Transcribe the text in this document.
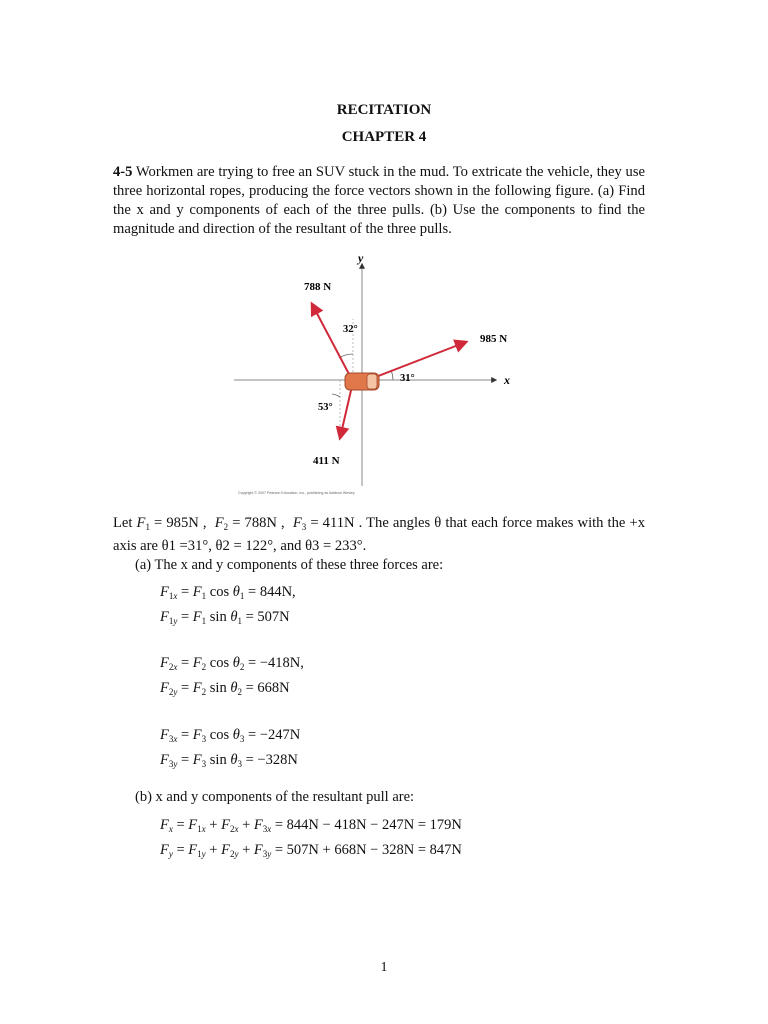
RECITATION
CHAPTER 4
4-5 Workmen are trying to free an SUV stuck in the mud. To extricate the vehicle, they use three horizontal ropes, producing the force vectors shown in the following figure. (a) Find the x and y components of each of the three pulls. (b) Use the components to find the magnitude and direction of the resultant of the three pulls.
y
x
788 N
985 N
411 N
32°
31°
53°
Copyright © 2007 Pearson Education, Inc., publishing as Addison Wesley
Let $F_1 = 985N$ , $F_2 = 788N$ , $F_3 = 411N$ . The angles θ that each force makes with the +x axis are θ1 =31°, θ2 = 122°, and θ3 = 233°.
(a) The x and y components of these three forces are:
$F_{1x} = F_1$ $\cos \theta_1 = 844N$,
$F_{1y} = F_1$ $\sin \theta_1 = 507N$
$F_{2x} = F_2$ $\cos \theta_2 = -418N$,
$F_{2y} = F_2$ $\sin \theta_2 = 668N$
$F_{3x} = F_3$ $\cos \theta_3 = -247N$
$F_{3y} = F_3$ $\sin \theta_3 = -328N$
(b) x and y components of the resultant pull are:
$F_x = F_{1x} + F_{2x} + F_{3x} = 844N - 418N - 247N = 179N$
$F_y = F_{1y} + F_{2y} + F_{3y} = 507N + 668N - 328N = 847N$
1
